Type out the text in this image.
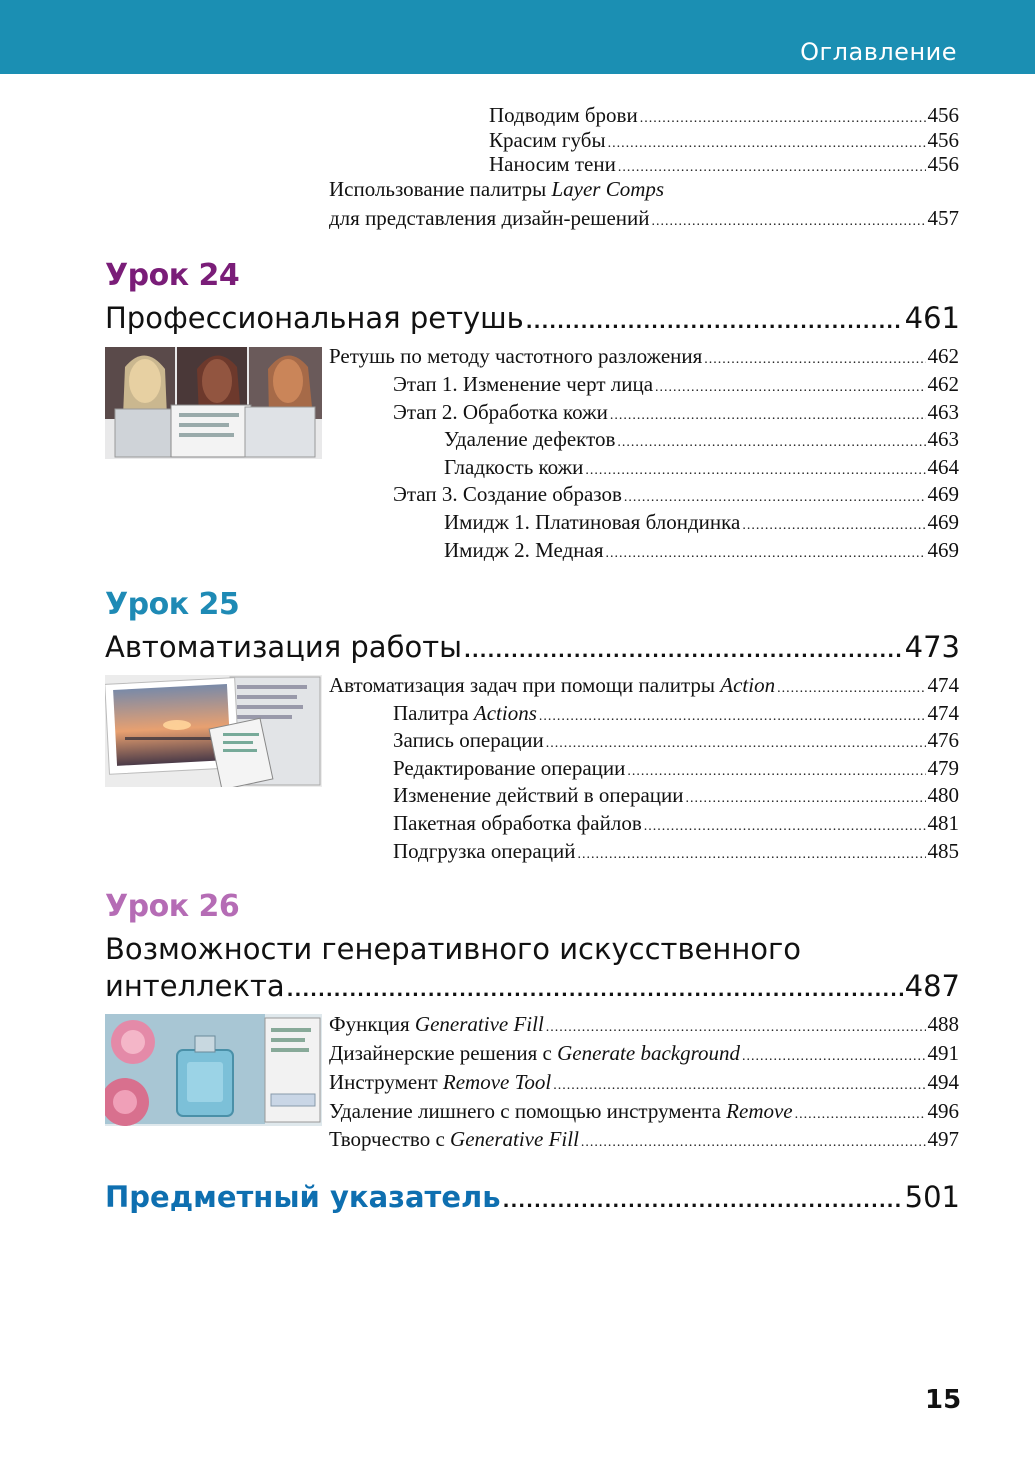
Оглавление
Подводим брови .....	456
Красим губы .....	456
Наносим тени .....	456
Использование палитры Layer Comps
для представления дизайн-решений .....	457
Урок 24
Профессиональная ретушь .....	461
Ретушь по методу частотного разложения .....	462
Этап 1. Изменение черт лица .....	462
Этап 2. Обработка кожи .....	463
Удаление дефектов .....	463
Гладкость кожи .....	464
Этап 3. Создание образов .....	469
Имидж 1. Платиновая блондинка .....	469
Имидж 2. Медная .....	469
Урок 25
Автоматизация работы .....	473
Автоматизация задач при помощи палитры Action .....	474
Палитра Actions .....	474
Запись операции .....	476
Редактирование операции .....	479
Изменение действий в операции .....	480
Пакетная обработка файлов .....	481
Подгрузка операций .....	485
Урок 26
Возможности генеративного искусственного
интеллекта .....	487
Функция Generative Fill .....	488
Дизайнерские решения с Generate background .....	491
Инструмент Remove Tool .....	494
Удаление лишнего с помощью инструмента Remove .....	496
Творчество с Generative Fill .....	497
Предметный указатель .....	501
15
